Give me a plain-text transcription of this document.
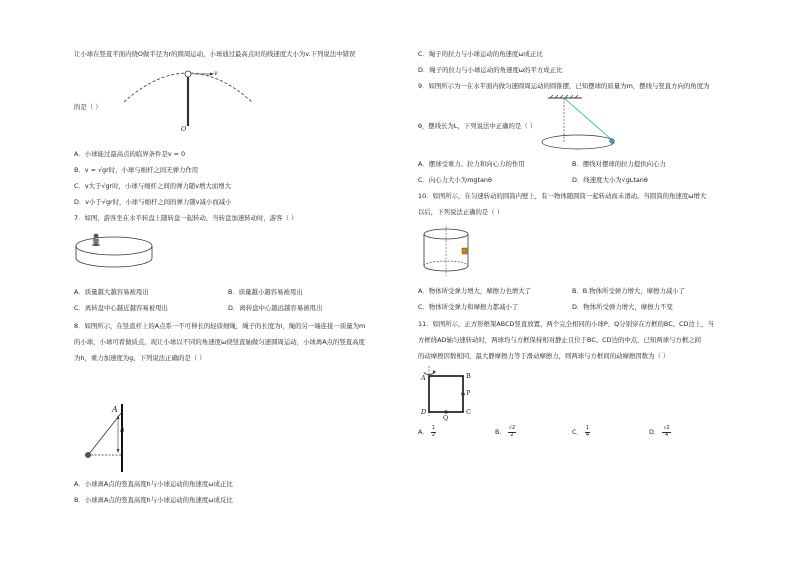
让小球在竖直平面内绕O做半径为r的圆周运动，小球通过最高点时的线速度大小为v.下列说法中错误
v
O
的是（ ）
A．小球能过最高点的临界条件是v = 0
B．v = √gr时，小球与细杆之间无弹力作用
C．v大于√gr时，小球与细杆之间的弹力随v增大而增大
D．v小于√gr时，小球与细杆之间的弹力随v减小而减小
7．如图，游客坐在水平转盘上随转盘一起转动，当转盘加速转动时，游客（ ）
A．质量越大越容易被甩出	B．质量越小越容易被甩出
C．离转盘中心越近越容易被甩出	D．离转盘中心越远越容易被甩出
8．如图所示，在竖直杆上的A点系一不可伸长的轻质细绳，绳子的长度为l，绳的另一端连接一质量为m
的小球，小球可看做质点，现让小球以不同的角速度ω绕竖直轴做匀速圆周运动，小球离A点的竖直高度
为h，重力加速度为g，下列说法正确的是（ ）
A
h
A．小球离A点的竖直高度h与小球运动的角速度ω成正比
B．小球离A点的竖直高度h与小球运动的角速度ω成反比
C．绳子的拉力与小球运动的角速度ω成正比
D．绳子的拉力与小球运动的角速度ω的平方成正比
9．如图所示为一在水平面内做匀速圆周运动的圆锥摆，已知摆球的质量为m，摆线与竖直方向的角度为
θ，摆线长为L，下列说法中正确的是（ ）
A．摆球受重力、拉力和向心力的作用	B．摆线对摆球的拉力提供向心力
C．向心力大小为mgtanθ	D．线速度大小为√gLtanθ
10．如图所示，在匀速转动的圆筒内壁上，有一物体随圆筒一起转动而未滑动。当圆筒的角速度ω增大
以后，下列说法正确的是（ ）
A．物体所受弹力增大，摩擦力也增大了	B．B.物体所受弹力增大，摩擦力减小了
C．物体所受弹力和摩擦力都减小了	D．物体所受弹力增大，摩擦力不变
11．如图所示，正方形框架ABCD竖直放置，两个完全相同的小球P、Q分别穿在方框的BC、CD边上，当
方框绕AD轴匀速转动时，两球均与方框保持相对静止且位于BC、CD边的中点，已知两球与方框之间
的动摩擦因数相同，最大静摩擦力等于滑动摩擦力，则两球与方框间的动摩擦因数为（ ）
A	B
C
D
P
Q
A． $\frac{1}{2}$	B． $\frac{√2}{2}$	C． $\frac{1}{4}$	D． $\frac{√2}{4}$
